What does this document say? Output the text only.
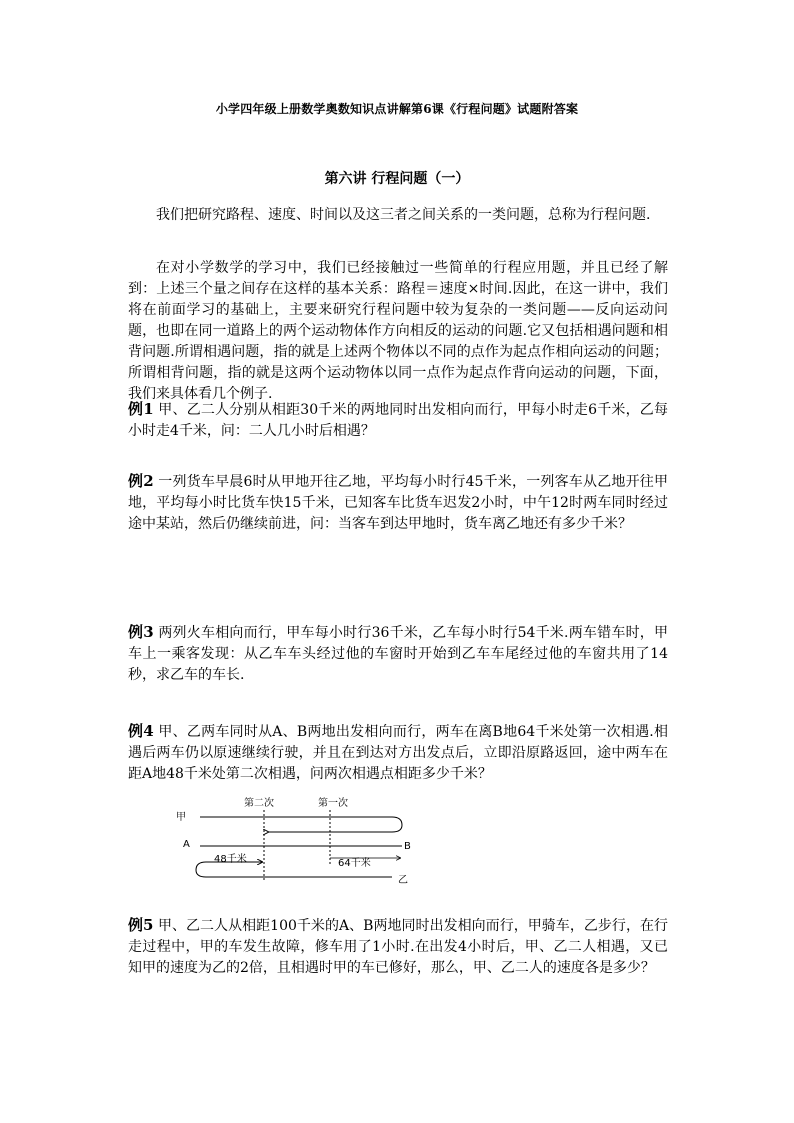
小学四年级上册数学奥数知识点讲解第6课《行程问题》试题附答案
第六讲 行程问题（一）

我们把研究路程、速度、时间以及这三者之间关系的一类问题，总称为行程问题.

在对小学数学的学习中，我们已经接触过一些简单的行程应用题，并且已经了解到：上述三个量之间存在这样的基本关系：路程＝速度×时间.因此，在这一讲中，我们将在前面学习的基础上，主要来研究行程问题中较为复杂的一类问题——反向运动问题，也即在同一道路上的两个运动物体作方向相反的运动的问题.它又包括相遇问题和相背问题.所谓相遇问题，指的就是上述两个物体以不同的点作为起点作相向运动的问题；所谓相背问题，指的就是这两个运动物体以同一点作为起点作背向运动的问题，下面，我们来具体看几个例子.

例1 甲、乙二人分别从相距30千米的两地同时出发相向而行，甲每小时走6千米，乙每小时走4千米，问：二人几小时后相遇？

例2 一列货车早晨6时从甲地开往乙地，平均每小时行45千米，一列客车从乙地开往甲地，平均每小时比货车快15千米，已知客车比货车迟发2小时，中午12时两车同时经过途中某站，然后仍继续前进，问：当客车到达甲地时，货车离乙地还有多少千米？

例3 两列火车相向而行，甲车每小时行36千米，乙车每小时行54千米.两车错车时，甲车上一乘客发现：从乙车车头经过他的车窗时开始到乙车车尾经过他的车窗共用了14秒，求乙车的车长.

例4 甲、乙两车同时从A、B两地出发相向而行，两车在离B地64千米处第一次相遇.相遇后两车仍以原速继续行驶，并且在到达对方出发点后，立即沿原路返回，途中两车在距A地48千米处第二次相遇，问两次相遇点相距多少千米？

甲
乙
A	B
第二次	第一次
48千米	64千米

例5 甲、乙二人从相距100千米的A、B两地同时出发相向而行，甲骑车，乙步行，在行走过程中，甲的车发生故障，修车用了1小时.在出发4小时后，甲、乙二人相遇，又已知甲的速度为乙的2倍，且相遇时甲的车已修好，那么，甲、乙二人的速度各是多少？
